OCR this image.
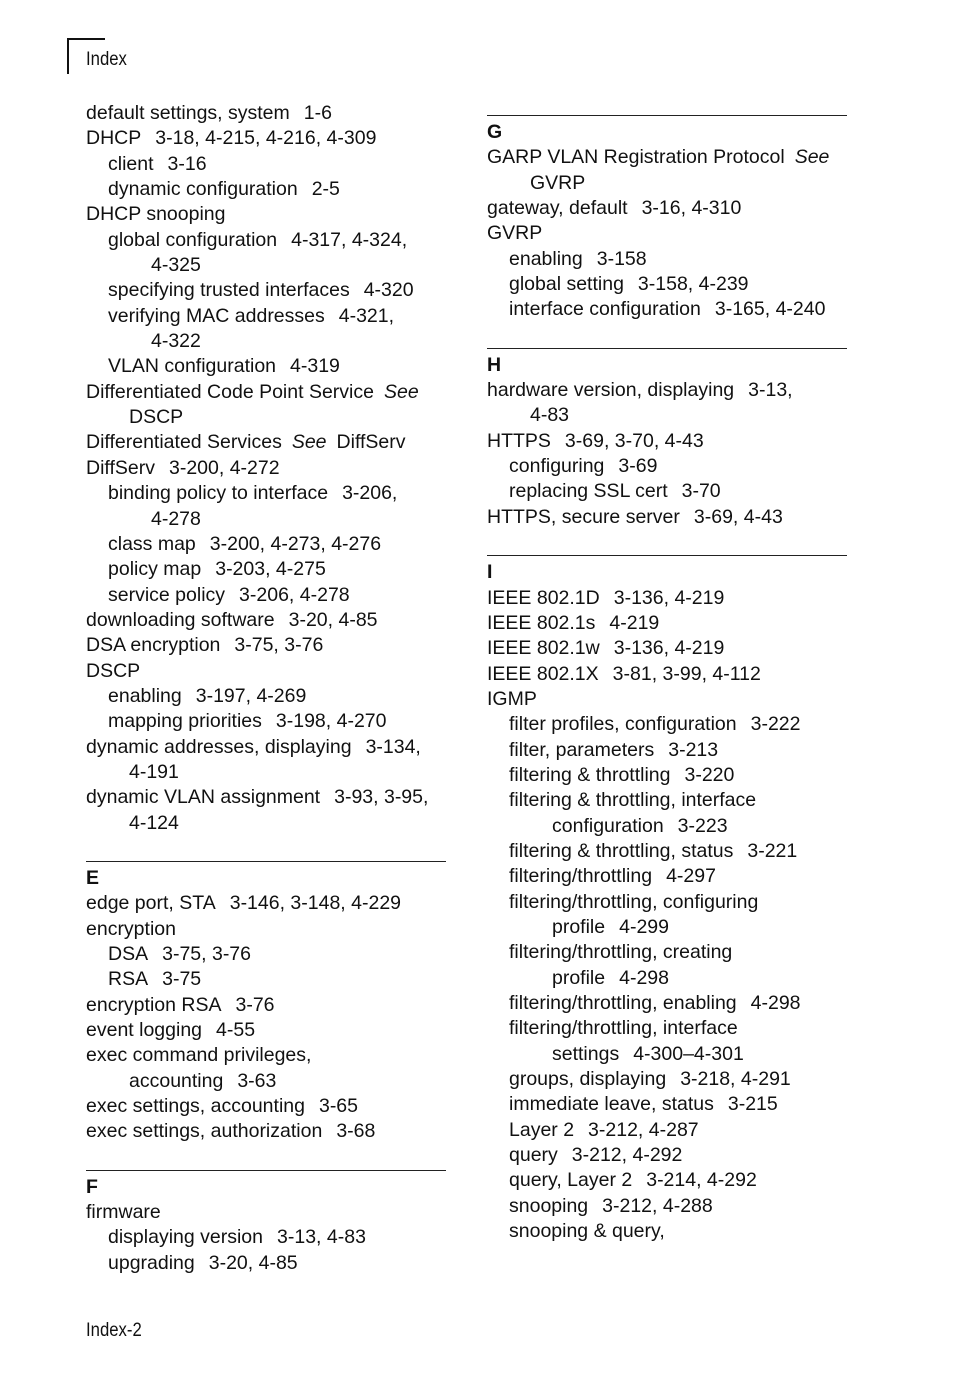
Index
default settings, system 1-6
DHCP 3-18, 4-215, 4-216, 4-309
client 3-16
dynamic configuration 2-5
DHCP snooping
global configuration 4-317, 4-324,
4-325
specifying trusted interfaces 4-320
verifying MAC addresses 4-321,
4-322
VLAN configuration 4-319
Differentiated Code Point Service See
DSCP
Differentiated Services See DiffServ
DiffServ 3-200, 4-272
binding policy to interface 3-206,
4-278
class map 3-200, 4-273, 4-276
policy map 3-203, 4-275
service policy 3-206, 4-278
downloading software 3-20, 4-85
DSA encryption 3-75, 3-76
DSCP
enabling 3-197, 4-269
mapping priorities 3-198, 4-270
dynamic addresses, displaying 3-134,
4-191
dynamic VLAN assignment 3-93, 3-95,
4-124
E
edge port, STA 3-146, 3-148, 4-229
encryption
DSA 3-75, 3-76
RSA 3-75
encryption RSA 3-76
event logging 4-55
exec command privileges,
accounting 3-63
exec settings, accounting 3-65
exec settings, authorization 3-68
F
firmware
displaying version 3-13, 4-83
upgrading 3-20, 4-85
G
GARP VLAN Registration Protocol See
GVRP
gateway, default 3-16, 4-310
GVRP
enabling 3-158
global setting 3-158, 4-239
interface configuration 3-165, 4-240
H
hardware version, displaying 3-13,
4-83
HTTPS 3-69, 3-70, 4-43
configuring 3-69
replacing SSL cert 3-70
HTTPS, secure server 3-69, 4-43
I
IEEE 802.1D 3-136, 4-219
IEEE 802.1s 4-219
IEEE 802.1w 3-136, 4-219
IEEE 802.1X 3-81, 3-99, 4-112
IGMP
filter profiles, configuration 3-222
filter, parameters 3-213
filtering & throttling 3-220
filtering & throttling, interface
configuration 3-223
filtering & throttling, status 3-221
filtering/throttling 4-297
filtering/throttling, configuring
profile 4-299
filtering/throttling, creating
profile 4-298
filtering/throttling, enabling 4-298
filtering/throttling, interface
settings 4-300–4-301
groups, displaying 3-218, 4-291
immediate leave, status 3-215
Layer 2 3-212, 4-287
query 3-212, 4-292
query, Layer 2 3-214, 4-292
snooping 3-212, 4-288
snooping & query,
Index-2
